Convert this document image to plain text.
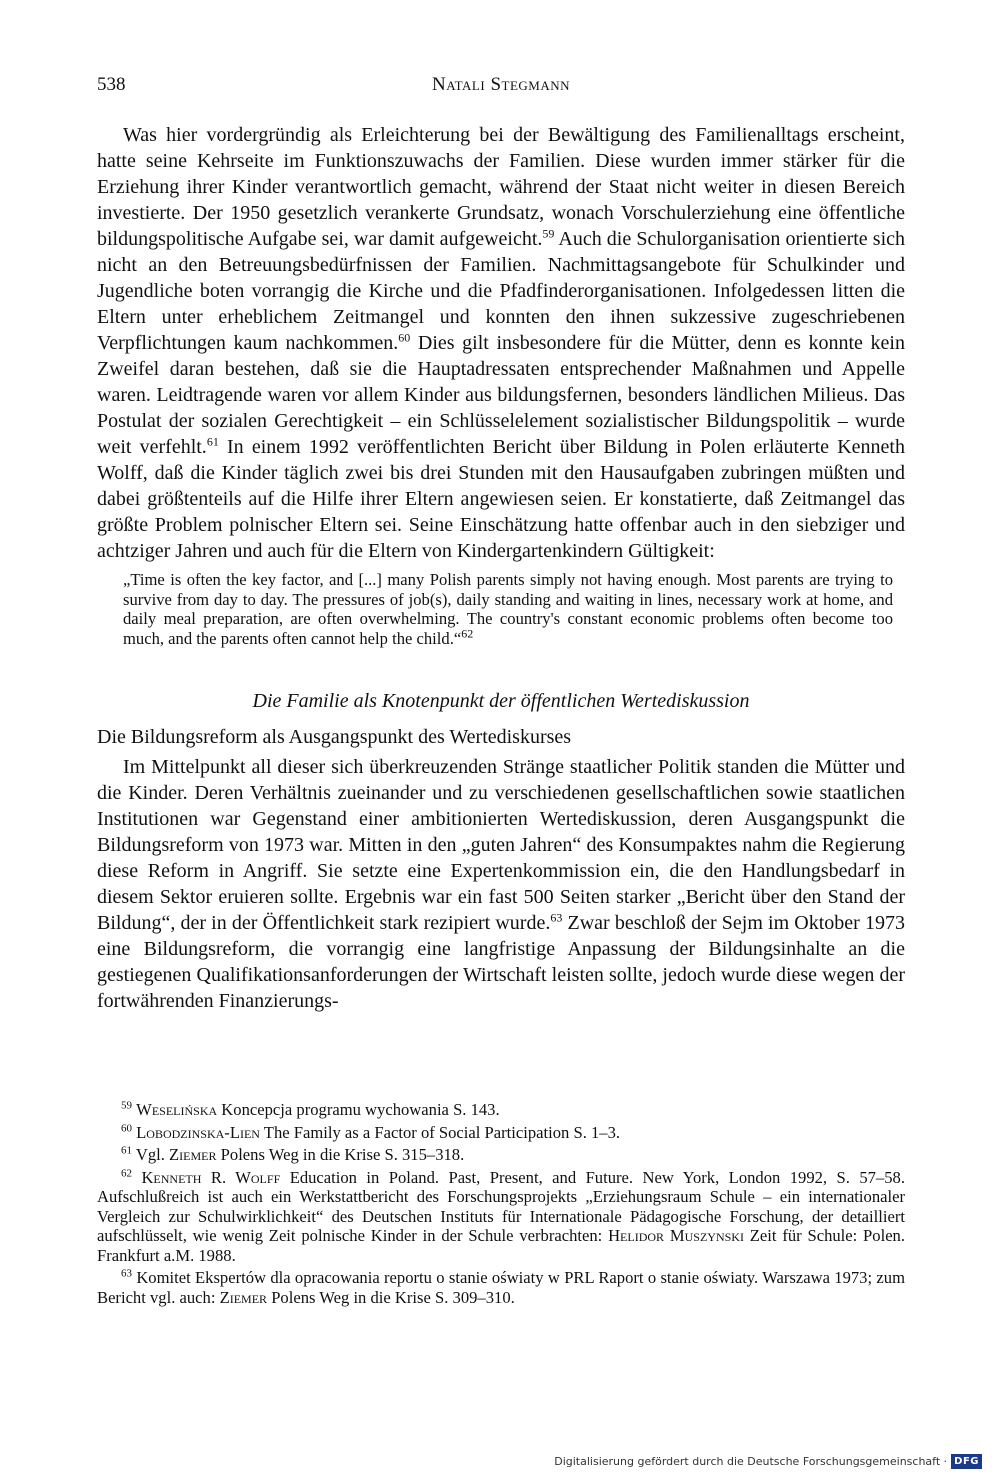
538	Natali Stegmann

Was hier vordergründig als Erleichterung bei der Bewältigung des Familienalltags erscheint, hatte seine Kehrseite im Funktionszuwachs der Familien. Diese wurden immer stärker für die Erziehung ihrer Kinder verantwortlich gemacht, während der Staat nicht weiter in diesen Bereich investierte. Der 1950 gesetzlich verankerte Grundsatz, wonach Vorschulerziehung eine öffentliche bildungspolitische Aufgabe sei, war damit aufgeweicht.$^{59}$ Auch die Schulorganisation orientierte sich nicht an den Betreuungsbedürfnissen der Familien. Nachmittagsangebote für Schulkinder und Jugendliche boten vorrangig die Kirche und die Pfadfinderorganisationen. Infolgedessen litten die Eltern unter erheblichem Zeitmangel und konnten den ihnen sukzessive zugeschriebenen Verpflichtungen kaum nachkommen.$^{60}$ Dies gilt insbesondere für die Mütter, denn es konnte kein Zweifel daran bestehen, daß sie die Hauptadressaten entsprechender Maßnahmen und Appelle waren. Leidtragende waren vor allem Kinder aus bildungsfernen, besonders ländlichen Milieus. Das Postulat der sozialen Gerechtigkeit – ein Schlüsselelement sozialistischer Bildungspolitik – wurde weit verfehlt.$^{61}$ In einem 1992 veröffentlichten Bericht über Bildung in Polen erläuterte Kenneth Wolff, daß die Kinder täglich zwei bis drei Stunden mit den Hausaufgaben zubringen müßten und dabei größtenteils auf die Hilfe ihrer Eltern angewiesen seien. Er konstatierte, daß Zeitmangel das größte Problem polnischer Eltern sei. Seine Einschätzung hatte offenbar auch in den siebziger und achtziger Jahren und auch für die Eltern von Kindergartenkindern Gültigkeit:

„Time is often the key factor, and [...] many Polish parents simply not having enough. Most parents are trying to survive from day to day. The pressures of job(s), daily standing and waiting in lines, necessary work at home, and daily meal preparation, are often overwhelming. The country's constant economic problems often become too much, and the parents often cannot help the child.“$^{62}$
Die Familie als Knotenpunkt der öffentlichen Wertediskussion
Die Bildungsreform als Ausgangspunkt des Wertediskurses

Im Mittelpunkt all dieser sich überkreuzenden Stränge staatlicher Politik standen die Mütter und die Kinder. Deren Verhältnis zueinander und zu verschiedenen gesellschaftlichen sowie staatlichen Institutionen war Gegenstand einer ambitionierten Wertediskussion, deren Ausgangspunkt die Bildungsreform von 1973 war. Mitten in den „guten Jahren“ des Konsumpaktes nahm die Regierung diese Reform in Angriff. Sie setzte eine Expertenkommission ein, die den Handlungsbedarf in diesem Sektor eruieren sollte. Ergebnis war ein fast 500 Seiten starker „Bericht über den Stand der Bildung“, der in der Öffentlichkeit stark rezipiert wurde.$^{63}$ Zwar beschloß der Sejm im Oktober 1973 eine Bildungsreform, die vorrangig eine langfristige Anpassung der Bildungsinhalte an die gestiegenen Qualifikationsanforderungen der Wirtschaft leisten sollte, jedoch wurde diese wegen der fortwährenden Finanzierungs-

$^{59}$ Weselińska Koncepcja programu wychowania S. 143.

$^{60}$ Lobodzinska-Lien The Family as a Factor of Social Participation S. 1–3.

$^{61}$ Vgl. Ziemer Polens Weg in die Krise S. 315–318.

$^{62}$ Kenneth R. Wolff Education in Poland. Past, Present, and Future. New York, London 1992, S. 57–58. Aufschlußreich ist auch ein Werkstattbericht des Forschungsprojekts „Erziehungsraum Schule – ein internationaler Vergleich zur Schulwirklichkeit“ des Deutschen Instituts für Internationale Pädagogische Forschung, der detailliert aufschlüsselt, wie wenig Zeit polnische Kinder in der Schule verbrachten: Helidor Muszynski Zeit für Schule: Polen. Frankfurt a.M. 1988.

$^{63}$ Komitet Ekspertów dla opracowania reportu o stanie oświaty w PRL Raport o stanie oświaty. Warszawa 1973; zum Bericht vgl. auch: Ziemer Polens Weg in die Krise S. 309–310.

Digitalisierung gefördert durch die Deutsche Forschungsgemeinschaft · DFG
